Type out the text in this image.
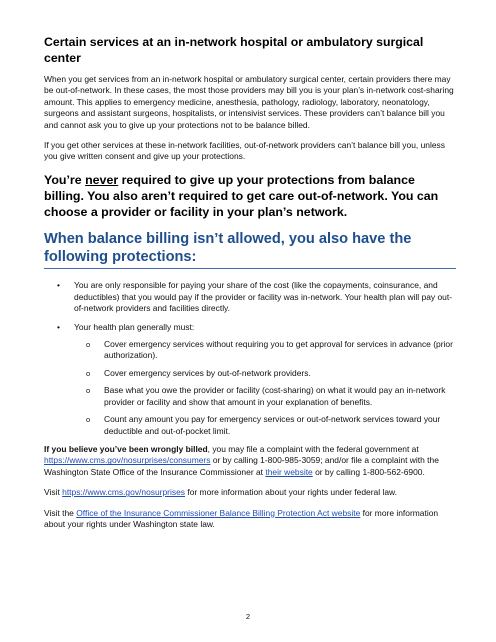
Certain services at an in-network hospital or ambulatory surgical center

When you get services from an in-network hospital or ambulatory surgical center, certain providers there may be out-of-network. In these cases, the most those providers may bill you is your plan’s in-network cost-sharing amount. This applies to emergency medicine, anesthesia, pathology, radiology, laboratory, neonatology, surgeons and assistant surgeons, hospitalists, or intensivist services. These providers can’t balance bill you and cannot ask you to give up your protections not to be balance billed.

If you get other services at these in-network facilities, out-of-network providers can’t balance bill you, unless you give written consent and give up your protections.

You’re never required to give up your protections from balance billing. You also aren’t required to get care out-of-network. You can choose a provider or facility in your plan’s network.

When balance billing isn’t allowed, you also have the following protections:
• You are only responsible for paying your share of the cost (like the copayments, coinsurance, and deductibles) that you would pay if the provider or facility was in-network. Your health plan will pay out-of-network providers and facilities directly.
• Your health plan generally must:
o Cover emergency services without requiring you to get approval for services in advance (prior authorization).
o Cover emergency services by out-of-network providers.
o Base what you owe the provider or facility (cost-sharing) on what it would pay an in-network provider or facility and show that amount in your explanation of benefits.
o Count any amount you pay for emergency services or out-of-network services toward your deductible and out-of-pocket limit.

If you believe you’ve been wrongly billed, you may file a complaint with the federal government at https://www.cms.gov/nosurprises/consumers or by calling 1-800-985-3059; and/or file a complaint with the Washington State Office of the Insurance Commissioner at their website or by calling 1-800-562-6900.

Visit https://www.cms.gov/nosurprises for more information about your rights under federal law.

Visit the Office of the Insurance Commissioner Balance Billing Protection Act website for more information about your rights under Washington state law.

2
